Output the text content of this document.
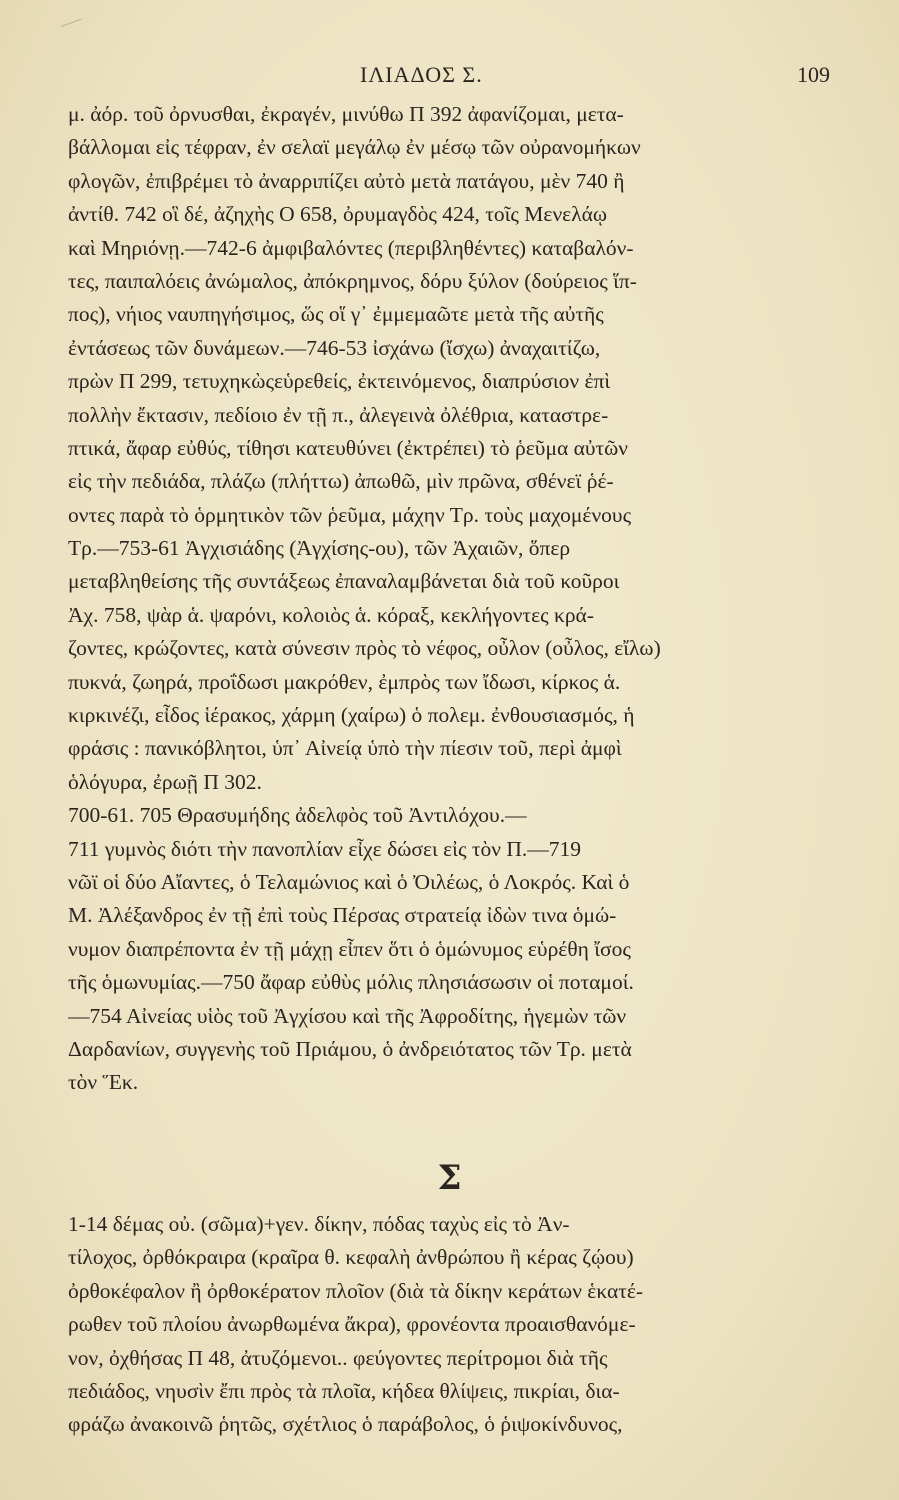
ΙΛΙΑΔΟΣ Σ.	109
μ. ἀόρ. τοῦ ὀρνυσθαι, ἐκραγέν, μινύθω Π 392 ἀφανίζομαι, μετα-
βάλλομαι εἰς τέφραν, ἐν σελαϊ μεγάλῳ ἐν μέσῳ τῶν οὐρανομήκων
φλογῶν, ἐπιβρέμει τὸ ἀναρριπίζει αὐτὸ μετὰ πατάγου, μὲν 740 ἢ
ἀντίθ. 742 οἳ δέ, ἀζηχὴς Ο 658, ὀρυμαγδὸς 424, τοῖς Μενελάῳ
καὶ Μηριόνῃ.—742-6 ἀμφιβαλόντες (περιβληθέντες) καταβαλόν-
τες, παιπαλόεις ἀνώμαλος, ἀπόκρημνος, δόρυ ξύλον (δούρειος ἵπ-
πος), νήιος ναυπηγήσιμος, ὥς οἵ γ᾽ ἐμμεμαῶτε μετὰ τῆς αὐτῆς
ἐντάσεως τῶν δυνάμεων.—746-53 ἰσχάνω (ἴσχω) ἀναχαιτίζω,
πρὼν Π 299, τετυχηκὼςεὑρεθείς, ἐκτεινόμενος, διαπρύσιον ἐπὶ
πολλὴν ἔκτασιν, πεδίοιο ἐν τῇ π., ἀλεγεινὰ ὀλέθρια, καταστρε-
πτικά, ἄφαρ εὐθύς, τίθησι κατευθύνει (ἐκτρέπει) τὸ ῥεῦμα αὐτῶν
εἰς τὴν πεδιάδα, πλάζω (πλήττω) ἀπωθῶ, μὶν πρῶνα, σθένεϊ ῥέ-
οντες παρὰ τὸ ὁρμητικὸν τῶν ῥεῦμα, μάχην Τρ. τοὺς μαχομένους
Τρ.—753-61 Ἀγχισιάδης (Ἀγχίσης-ου), τῶν Ἀχαιῶν, ὅπερ
μεταβληθείσης τῆς συντάξεως ἐπαναλαμβάνεται διὰ τοῦ κοῦροι
Ἀχ. 758, ψὰρ ἁ. ψαρόνι, κολοιὸς ἁ. κόραξ, κεκλήγοντες κρά-
ζοντες, κρώζοντες, κατὰ σύνεσιν πρὸς τὸ νέφος, οὖλον (οὖλος, εἴλω)
πυκνά, ζωηρά, προΐδωσι μακρόθεν, ἐμπρὸς των ἴδωσι, κίρκος ἁ.
κιρκινέζι, εἶδος ἱέρακος, χάρμη (χαίρω) ὁ πολεμ. ἐνθουσιασμός, ἡ
φράσις : πανικόβλητοι, ὑπ᾽ Αἰνείᾳ ὑπὸ τὴν πίεσιν τοῦ, περὶ ἀμφὶ
ὁλόγυρα, ἐρωῇ Π 302.
700-61. 705 Θρασυμήδης ἀδελφὸς τοῦ Ἀντιλόχου.—
711 γυμνὸς διότι τὴν πανοπλίαν εἶχε δώσει εἰς τὸν Π.—719
νῶϊ οἱ δύο Αἴαντες, ὁ Τελαμώνιος καὶ ὁ Ὀιλέως, ὁ Λοκρός. Καὶ ὁ
Μ. Ἀλέξανδρος ἐν τῇ ἐπὶ τοὺς Πέρσας στρατείᾳ ἰδὼν τινα ὁμώ-
νυμον διαπρέποντα ἐν τῇ μάχῃ εἶπεν ὅτι ὁ ὁμώνυμος εὑρέθη ἴσος
τῆς ὁμωνυμίας.—750 ἄφαρ εὐθὺς μόλις πλησιάσωσιν οἱ ποταμοί.
—754 Αἰνείας υἱὸς τοῦ Ἀγχίσου καὶ τῆς Ἀφροδίτης, ἡγεμὼν τῶν
Δαρδανίων, συγγενὴς τοῦ Πριάμου, ὁ ἀνδρειότατος τῶν Τρ. μετὰ
τὸν Ἕκ.
Σ
1-14 δέμας οὐ. (σῶμα)+γεν. δίκην, πόδας ταχὺς εἰς τὸ Ἀν-
τίλοχος, ὀρθόκραιρα (κραῖρα θ. κεφαλὴ ἀνθρώπου ἢ κέρας ζῴου)
ὀρθοκέφαλον ἢ ὀρθοκέρατον πλοῖον (διὰ τὰ δίκην κεράτων ἑκατέ-
ρωθεν τοῦ πλοίου ἀνωρθωμένα ἄκρα), φρονέοντα προαισθανόμε-
νον, ὀχθήσας Π 48, ἀτυζόμενοι.. φεύγοντες περίτρομοι διὰ τῆς
πεδιάδος, νηυσὶν ἔπι πρὸς τὰ πλοῖα, κήδεα θλίψεις, πικρίαι, δια-
φράζω ἀνακοινῶ ῥητῶς, σχέτλιος ὁ παράβολος, ὁ ῥιψοκίνδυνος,
